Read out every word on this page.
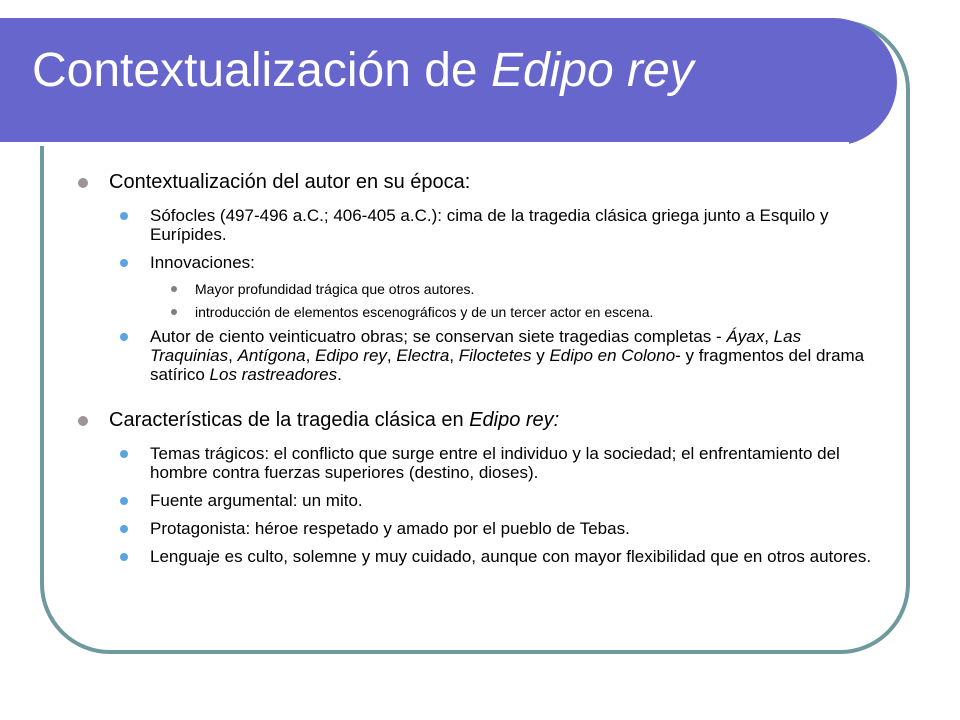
Contextualización de Edipo rey
Contextualización del autor en su época:
Sófocles (497-496 a.C.; 406-405 a.C.): cima de la tragedia clásica griega junto a Esquilo y Eurípides.
Innovaciones:
Mayor profundidad trágica que otros autores.
introducción de elementos escenográficos y de un tercer actor en escena.
Autor de ciento veinticuatro obras; se conservan siete tragedias completas - Áyax, Las Traquinias, Antígona, Edipo rey, Electra, Filoctetes y Edipo en Colono- y fragmentos del drama satírico Los rastreadores.
Características de la tragedia clásica en Edipo rey:
Temas trágicos: el conflicto que surge entre el individuo y la sociedad; el enfrentamiento del hombre contra fuerzas superiores (destino, dioses).
Fuente argumental: un mito.
Protagonista: héroe respetado y amado por el pueblo de Tebas.
Lenguaje es culto, solemne y muy cuidado, aunque con mayor flexibilidad que en otros autores.
